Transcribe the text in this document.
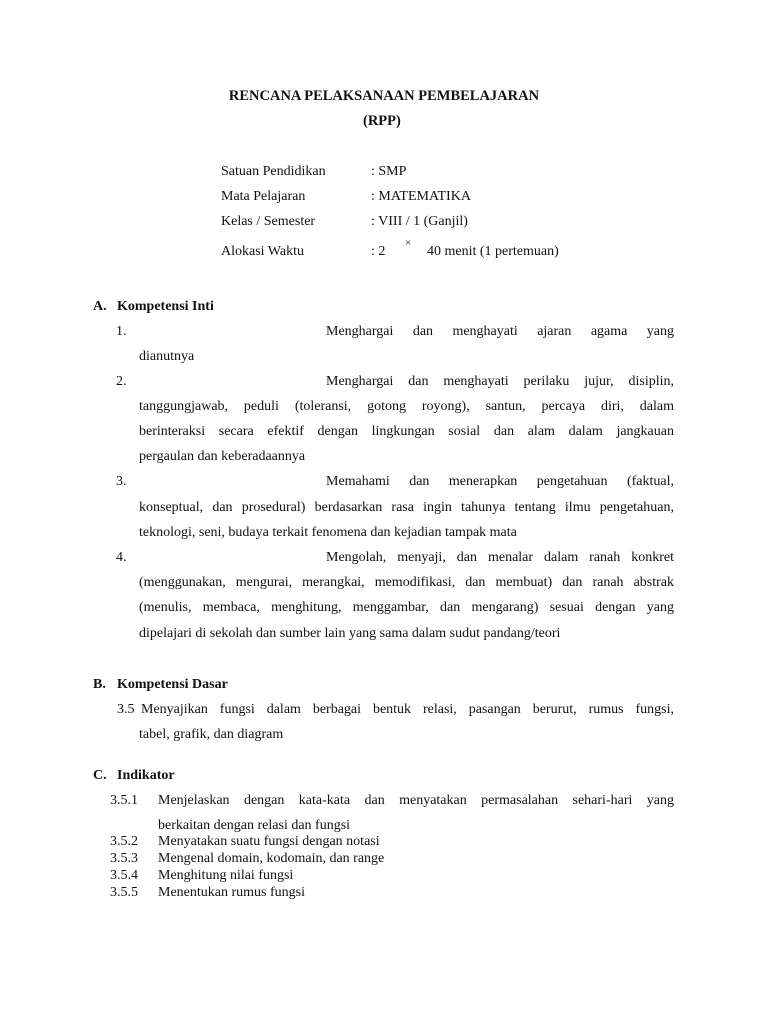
RENCANA PELAKSANAAN PEMBELAJARAN
(RPP)
Satuan Pendidikan	: SMP
Mata Pelajaran	: MATEMATIKA
Kelas / Semester	: VIII / 1 (Ganjil)
Alokasi Waktu	: 2
×
40 menit (1 pertemuan)
A. Kompetensi Inti
1.	Menghargai dan menghayati ajaran agama yang
dianutnya
2.	Menghargai dan menghayati perilaku jujur, disiplin,
tanggungjawab, peduli (toleransi, gotong royong), santun, percaya diri, dalam
berinteraksi secara efektif dengan lingkungan sosial dan alam dalam jangkauan
pergaulan dan keberadaannya
3.	Memahami dan menerapkan pengetahuan (faktual,
konseptual, dan prosedural) berdasarkan rasa ingin tahunya tentang ilmu pengetahuan,
teknologi, seni, budaya terkait fenomena dan kejadian tampak mata
4.	Mengolah, menyaji, dan menalar dalam ranah konkret
(menggunakan, mengurai, merangkai, memodifikasi, dan membuat) dan ranah abstrak
(menulis, membaca, menghitung, menggambar, dan mengarang) sesuai dengan yang
dipelajari di sekolah dan sumber lain yang sama dalam sudut pandang/teori
B. Kompetensi Dasar
3.5 Menyajikan fungsi dalam berbagai bentuk relasi, pasangan berurut, rumus fungsi,
tabel, grafik, dan diagram
C. Indikator
3.5.1 Menjelaskan dengan kata-kata dan menyatakan permasalahan sehari-hari yang
berkaitan dengan relasi dan fungsi
3.5.2 Menyatakan suatu fungsi dengan notasi
3.5.3 Mengenal domain, kodomain, dan range
3.5.4 Menghitung nilai fungsi
3.5.5 Menentukan rumus fungsi
